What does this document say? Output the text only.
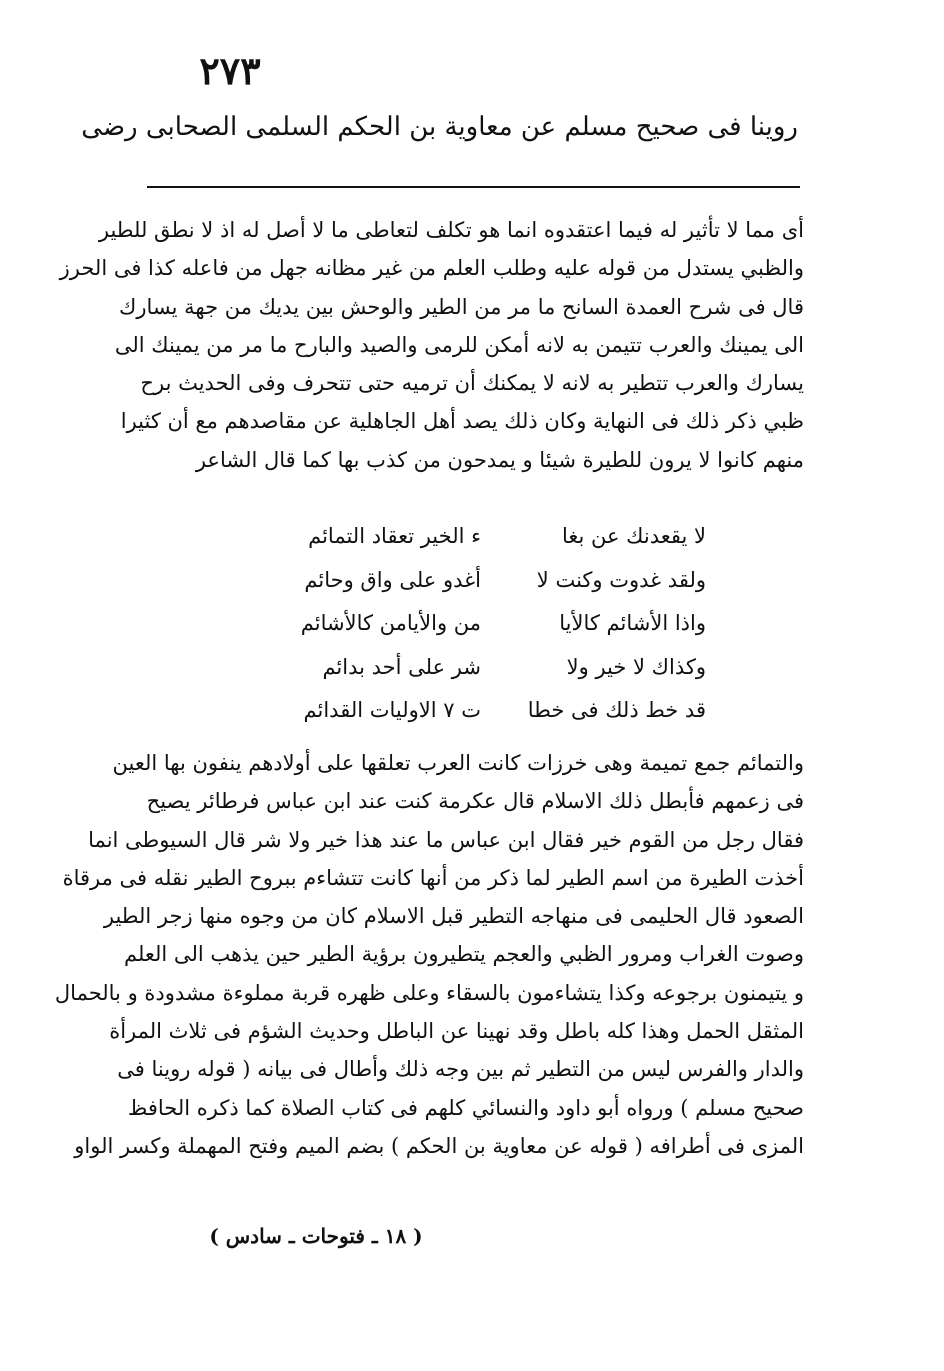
٢٧٣
روينا فى صحيح مسلم عن معاوية بن الحكم السلمى الصحابى رضى
أى مما لا تأثير له فيما اعتقدوه انما هو تكلف لتعاطى ما لا أصل له اذ لا نطق للطير
والظبي يستدل من قوله عليه وطلب العلم من غير مظانه جهل من فاعله كذا فى الحرز
قال فى شرح العمدة السانح ما مر من الطير والوحش بين يديك من جهة يسارك
الى يمينك والعرب تتيمن به لانه أمكن للرمى والصيد والبارح ما مر من يمينك الى
يسارك والعرب تتطير به لانه لا يمكنك أن ترميه حتى تتحرف وفى الحديث برح
ظبي ذكر ذلك فى النهاية وكان ذلك يصد أهل الجاهلية عن مقاصدهم مع أن كثيرا
منهم كانوا لا يرون للطيرة شيئا و يمدحون من كذب بها كما قال الشاعر
لا يقعدنك عن بغا
ء الخير تعقاد التمائم
ولقد غدوت وكنت لا
أغدو على واق وحائم
واذا الأشائم كالأيا
من والأيامن كالأشائم
وكذاك لا خير ولا
شر على أحد بدائم
قد خط ذلك فى خطا
ت ٧ الاوليات القدائم
والتمائم جمع تميمة وهى خرزات كانت العرب تعلقها على أولادهم ينفون بها العين
فى زعمهم فأبطل ذلك الاسلام قال عكرمة كنت عند ابن عباس فرطائر يصيح
فقال رجل من القوم خير فقال ابن عباس ما عند هذا خير ولا شر قال السيوطى انما
أخذت الطيرة من اسم الطير لما ذكر من أنها كانت تتشاءم ببروح الطير نقله فى مرقاة
الصعود قال الحليمى فى منهاجه التطير قبل الاسلام كان من وجوه منها زجر الطير
وصوت الغراب ومرور الظبي والعجم يتطيرون برؤية الطير حين يذهب الى العلم
و يتيمنون برجوعه وكذا يتشاءمون بالسقاء وعلى ظهره قربة مملوءة مشدودة و بالحمال
المثقل الحمل وهذا كله باطل وقد نهينا عن الباطل وحديث الشؤم فى ثلاث المرأة
والدار والفرس ليس من التطير ثم بين وجه ذلك وأطال فى بيانه ( قوله روينا فى
صحيح مسلم ) ورواه أبو داود والنسائي كلهم فى كتاب الصلاة كما ذكره الحافظ
المزى فى أطرافه ( قوله عن معاوية بن الحكم ) بضم الميم وفتح المهملة وكسر الواو
( ١٨ ـ فتوحات ـ سادس )
